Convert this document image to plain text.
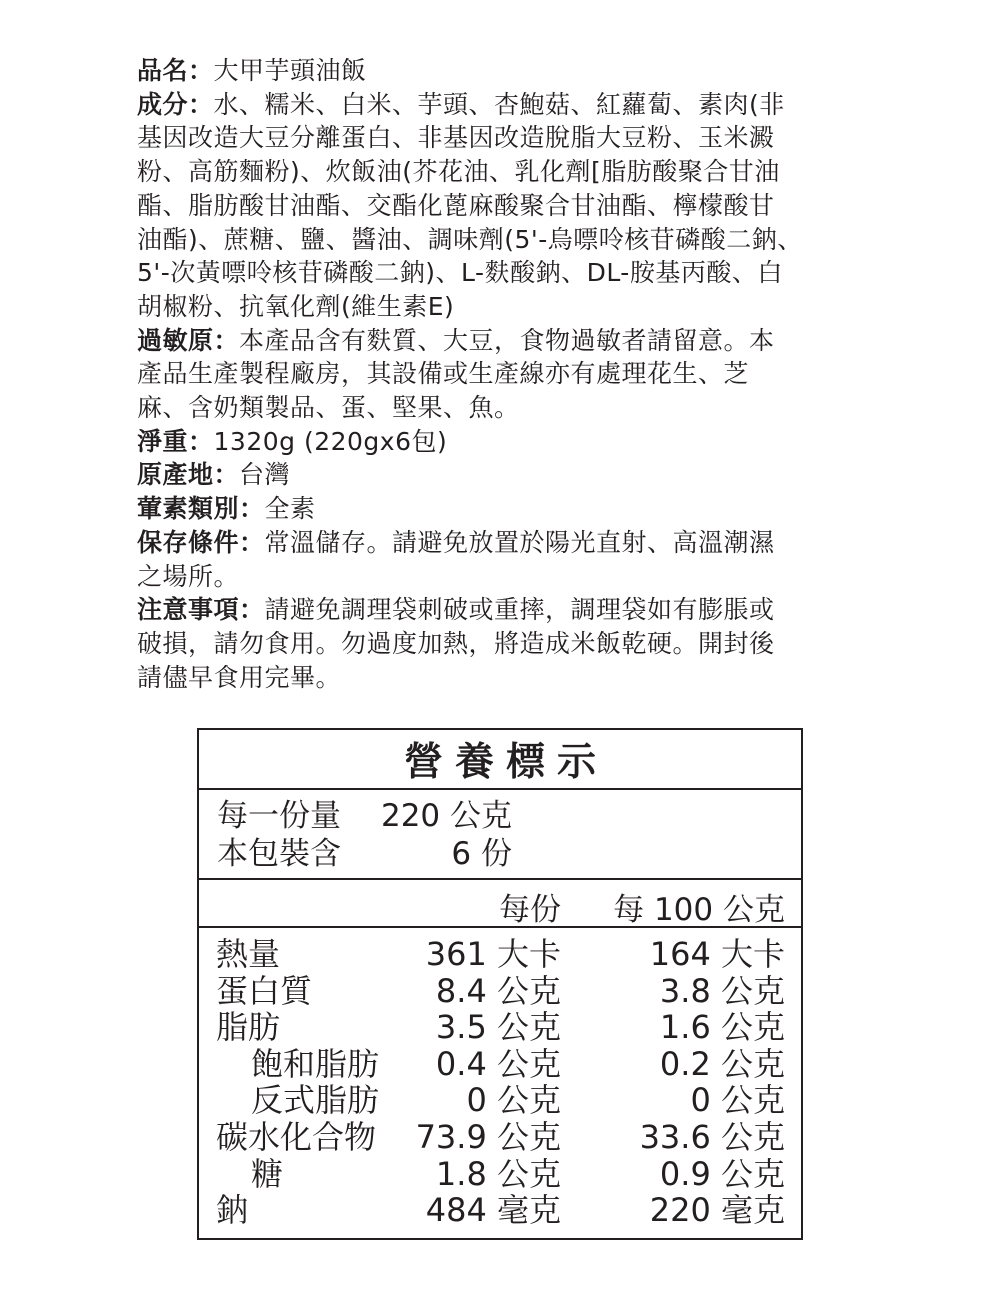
品名：大甲芋頭油飯

成分：水、糯米、白米、芋頭、杏鮑菇、紅蘿蔔、素肉(非
基因改造大豆分離蛋白、非基因改造脫脂大豆粉、玉米澱
粉、高筋麵粉)、炊飯油(芥花油、乳化劑[脂肪酸聚合甘油
酯、脂肪酸甘油酯、交酯化蓖麻酸聚合甘油酯、檸檬酸甘
油酯)、蔗糖、鹽、醬油、調味劑(5'-烏嘌呤核苷磷酸二鈉、
5'-次黃嘌呤核苷磷酸二鈉)、L-麩酸鈉、DL-胺基丙酸、白
胡椒粉、抗氧化劑(維生素E)

過敏原：本產品含有麩質、大豆，食物過敏者請留意。本
產品生產製程廠房，其設備或生產線亦有處理花生、芝
麻、含奶類製品、蛋、堅果、魚。

淨重：1320g (220gx6包)

原產地：台灣

葷素類別：全素

保存條件：常溫儲存。請避免放置於陽光直射、高溫潮濕
之場所。

注意事項：請避免調理袋刺破或重摔，調理袋如有膨脹或
破損，請勿食用。勿過度加熱，將造成米飯乾硬。開封後
請儘早食用完畢。

營養標示
每一份量	220 公克
本包裝含	6 份
每份 每 100 公克
熱量	361 大卡	164 大卡
蛋白質	8.4 公克	3.8 公克
脂肪	3.5 公克	1.6 公克
飽和脂肪 0.4 公克	0.2 公克
反式脂肪	0 公克	0 公克
碳水化合物 73.9 公克 33.6 公克
糖	1.8 公克	0.9 公克
鈉	484 毫克	220 毫克
